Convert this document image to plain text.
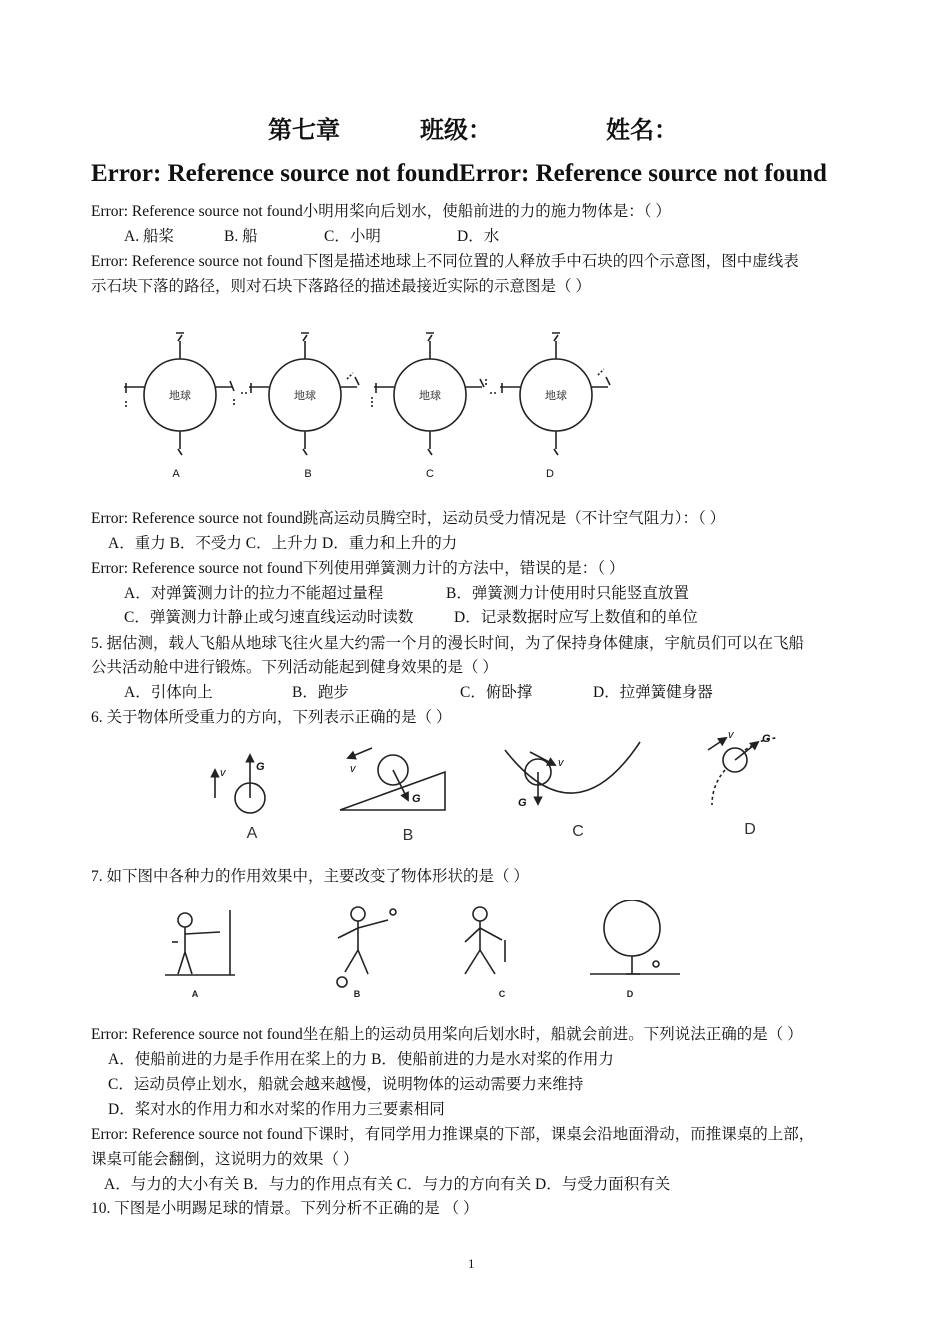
第七章	班级：	姓名：
Error: Reference source not foundError: Reference source not found
Error: Reference source not found小明用桨向后划水，使船前进的力的施力物体是：（ ）
A. 船桨	B. 船	C．小明	D．水
Error: Reference source not found下图是描述地球上不同位置的人释放手中石块的四个示意图，图中虚线表
示石块下落的路径，则对石块下落路径的描述最接近实际的示意图是（ ）
地球	地球	地球	地球
A	B	C	D
Error: Reference source not found跳高运动员腾空时，运动员受力情况是（不计空气阻力）：（ ）
A．重力 B．不受力 C．上升力 D．重力和上升的力
Error: Reference source not found下列使用弹簧测力计的方法中，错误的是：（ ）
A．对弹簧测力计的拉力不能超过量程	B．弹簧测力计使用时只能竖直放置
C．弹簧测力计静止或匀速直线运动时读数	D．记录数据时应写上数值和的单位
5. 据估测，载人飞船从地球飞往火星大约需一个月的漫长时间，为了保持身体健康，宇航员们可以在飞船
公共活动舱中进行锻炼。下列活动能起到健身效果的是（ ）
A．引体向上	B．跑步	C．俯卧撑	D．拉弹簧健身器
6. 关于物体所受重力的方向，下列表示正确的是（ ）
v	G	v
G
v
G
v	G
A	B	C	D
7. 如下图中各种力的作用效果中，主要改变了物体形状的是（ ）
A	B	C	D
Error: Reference source not found坐在船上的运动员用桨向后划水时，船就会前进。下列说法正确的是（ ）
A．使船前进的力是手作用在桨上的力 B．使船前进的力是水对桨的作用力
C．运动员停止划水，船就会越来越慢，说明物体的运动需要力来维持
D．桨对水的作用力和水对桨的作用力三要素相同
Error: Reference source not found下课时，有同学用力推课桌的下部，课桌会沿地面滑动，而推课桌的上部，
课桌可能会翻倒，这说明力的效果（ ）
A．与力的大小有关 B．与力的作用点有关 C．与力的方向有关 D．与受力面积有关
10. 下图是小明踢足球的情景。下列分析不正确的是 （ ）
1
